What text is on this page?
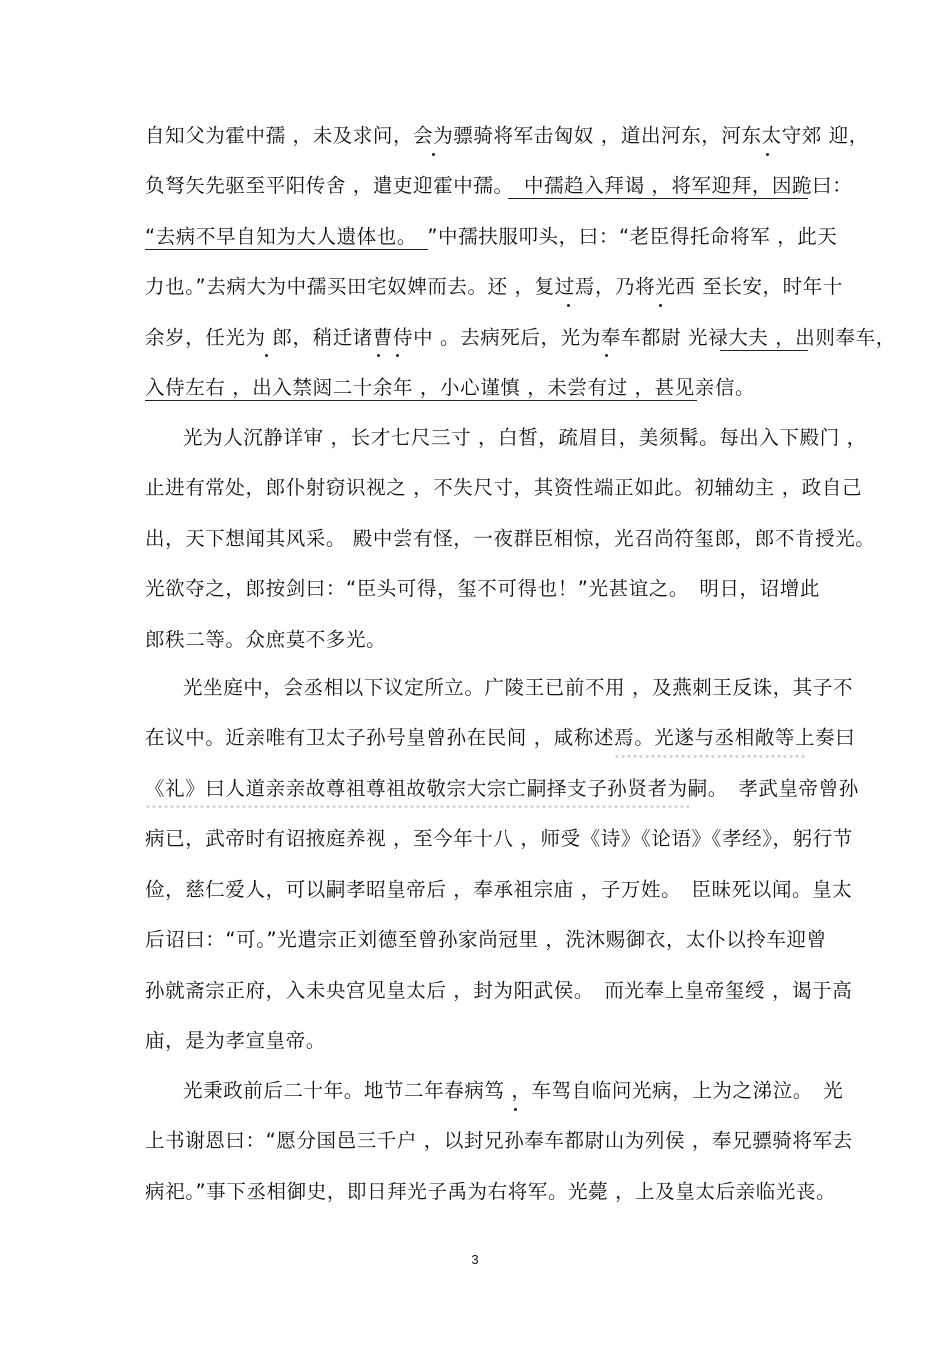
自知父为霍中孺 ，未及求问，会为骠骑将军击匈奴 ，道出河东，河东太守郊 迎，
负弩矢先驱至平阳传舍 ，遣吏迎霍中孺。　中孺趋入拜谒 ，将军迎拜，因跪曰：
“去病不早自知为大人遗体也。　”中孺扶服叩头，曰：“老臣得托命将军 ，此天
力也。”去病大为中孺买田宅奴婢而去。还 ，复过焉，乃将光西 至长安，时年十
余岁，任光为 郎，稍迁诸曹侍中 。去病死后，光为奉车都尉 光禄大夫 ，出则奉车，
入侍左右 ，出入禁闼二十余年 ，小心谨慎 ，未尝有过 ，甚见亲信。
光为人沉静详审 ，长才七尺三寸 ，白皙，疏眉目，美须髯。每出入下殿门 ，
止进有常处，郎仆射窃识视之 ，不失尺寸，其资性端正如此。初辅幼主 ，政自己
出，天下想闻其风采。 殿中尝有怪，一夜群臣相惊，光召尚符玺郎，郎不肯授光。
光欲夺之，郎按剑曰：“臣头可得，玺不可得也！”光甚谊之。　明日，诏增此
郎秩二等。众庶莫不多光。
光坐庭中，会丞相以下议定所立。广陵王已前不用 ，及燕刺王反诛，其子不
在议中。近亲唯有卫太子孙号皇曾孙在民间 ，咸称述焉。光遂与丞相敞等上奏曰
《礼》曰人道亲亲故尊祖尊祖故敬宗大宗亡嗣择支子孙贤者为嗣。　孝武皇帝曾孙
病已，武帝时有诏掖庭养视 ，至今年十八 ，师受《诗》《论语》《孝经》，躬行节
俭，慈仁爱人，可以嗣孝昭皇帝后 ，奉承祖宗庙 ，子万姓。　臣昧死以闻。皇太
后诏曰：“可。”光遣宗正刘德至曾孙家尚冠里 ，洗沐赐御衣，太仆以拎车迎曾
孙就斋宗正府，入未央宫见皇太后 ，封为阳武侯。　而光奉上皇帝玺绶 ，谒于高
庙，是为孝宣皇帝。
光秉政前后二十年。地节二年春病笃 ，车驾自临问光病，上为之涕泣。　光
上书谢恩曰：“愿分国邑三千户 ，以封兄孙奉车都尉山为列侯 ，奉兄骠骑将军去
病祀。”事下丞相御史，即日拜光子禹为右将军。光薨 ，上及皇太后亲临光丧。
3
